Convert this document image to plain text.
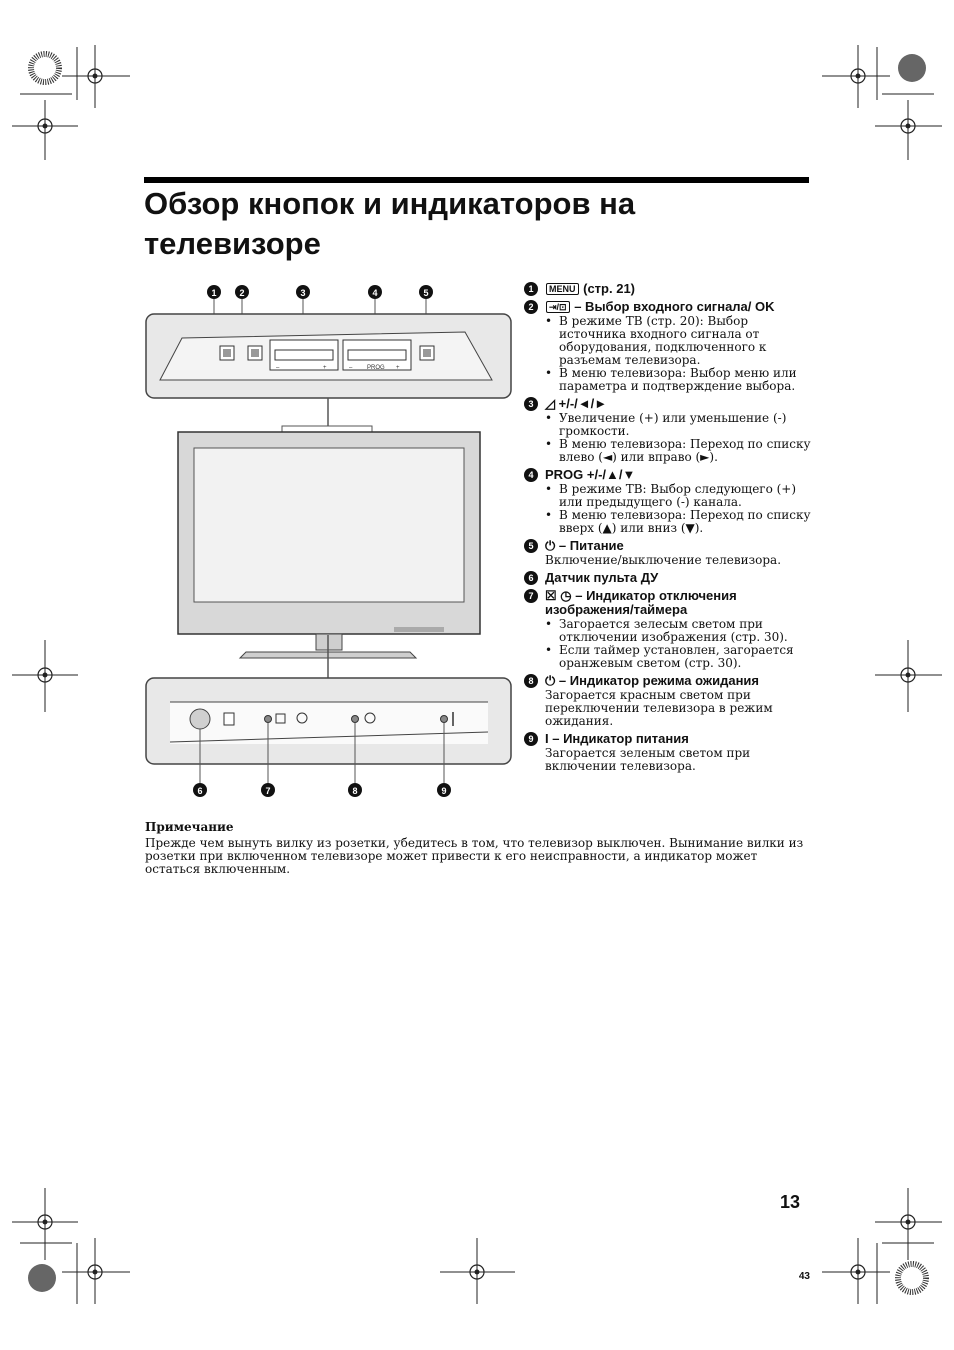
Обзор кнопок и индикаторов на
телевизоре
1	2	3	4	5
–	+	– PROG +
6	7	8	9
1	MENU (стр. 21)
2	⇥/⊡ – Выбор входного сигнала/ OK
• В режиме ТВ (стр. 20): Выбор источника входного сигнала от оборудования, подключенного к разъемам телевизора.
• В меню телевизора: Выбор меню или параметра и подтверждение выбора.
3 ◿ +/-/◄/►
• Увеличение (+) или уменьшение (-) громкости.
• В меню телевизора: Переход по списку влево (◄) или вправо (►).
4 PROG +/-/▲/▼
• В режиме ТВ: Выбор следующего (+) или предыдущего (-) канала.
• В меню телевизора: Переход по списку вверх (▲) или вниз (▼).
5 ⏻ – Питание
Включение/выключение телевизора.
6 Датчик пульта ДУ
7 ☒ ◷ – Индикатор отключения изображения/таймера
• Загорается зелесым светом при отключении изображения (стр. 30).
• Если таймер установлен, загорается оранжевым светом (стр. 30).
8 ⏻ – Индикатор режима ожидания
Загорается красным светом при переключении телевизора в режим ожидания.
9 I – Индикатор питания
Загорается зеленым светом при включении телевизора.
Примечание
Прежде чем вынуть вилку из розетки, убедитесь в том, что телевизор выключен. Вынимание вилки из розетки при включенном телевизоре может привести к его неисправности, а индикатор может остаться включенным.
13
43
